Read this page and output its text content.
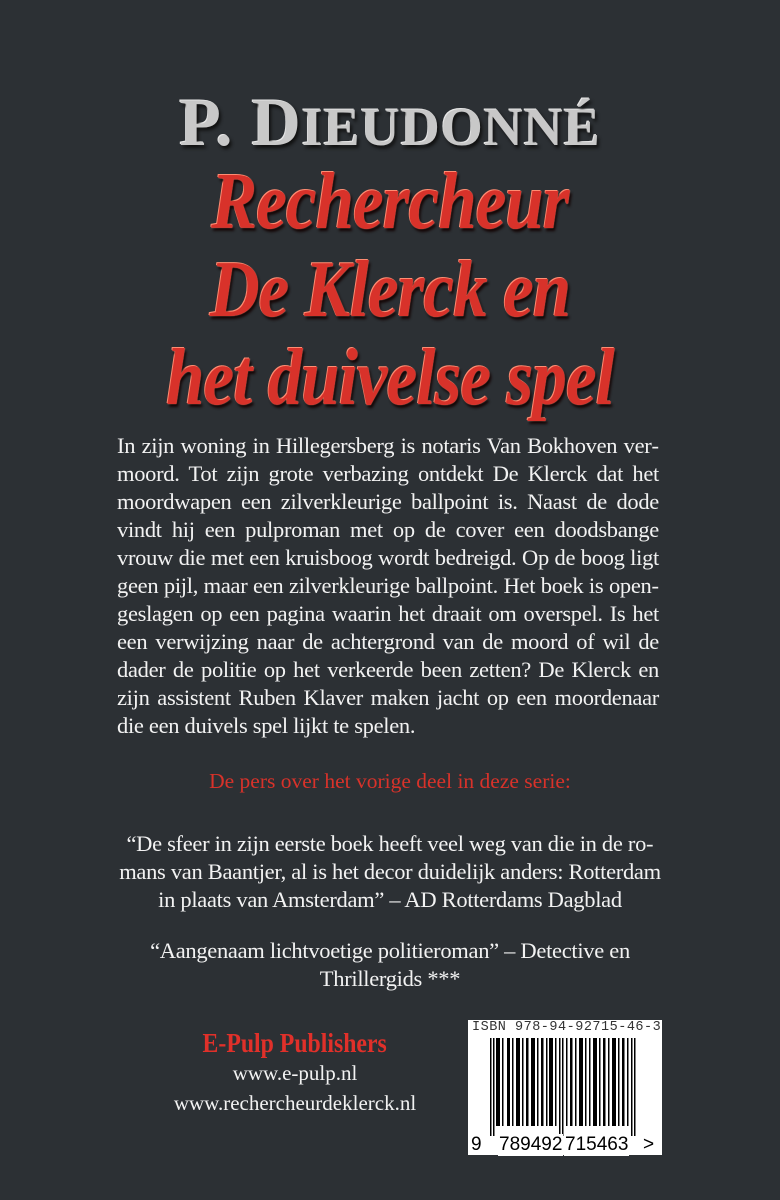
P. DIEUDONNÉ
Rechercheur
De Klerck en
het duivelse spel
In zijn woning in Hillegersberg is notaris Van Bokhoven vermoord. Tot zijn grote verbazing ontdekt De Klerck dat het moordwapen een zilverkleurige ballpoint is. Naast de dode vindt hij een pulproman met op de cover een doodsbange vrouw die met een kruisboog wordt bedreigd. Op de boog ligt geen pijl, maar een zilverkleurige ballpoint. Het boek is opengeslagen op een pagina waarin het draait om overspel. Is het een verwijzing naar de achtergrond van de moord of wil de dader de politie op het verkeerde been zetten? De Klerck en zijn assistent Ruben Klaver maken jacht op een moordenaar die een duivels spel lijkt te spelen.
De pers over het vorige deel in deze serie:
“De sfeer in zijn eerste boek heeft veel weg van die in de romans van Baantjer, al is het decor duidelijk anders: Rotterdam in plaats van Amsterdam” – AD Rotterdams Dagblad
“Aangenaam lichtvoetige politieroman” – Detective en Thrillergids ***
E-Pulp Publishers
www.e-pulp.nl
www.rechercheurdeklerck.nl
ISBN 978-94-92715-46-3
9 789492 715463 >
